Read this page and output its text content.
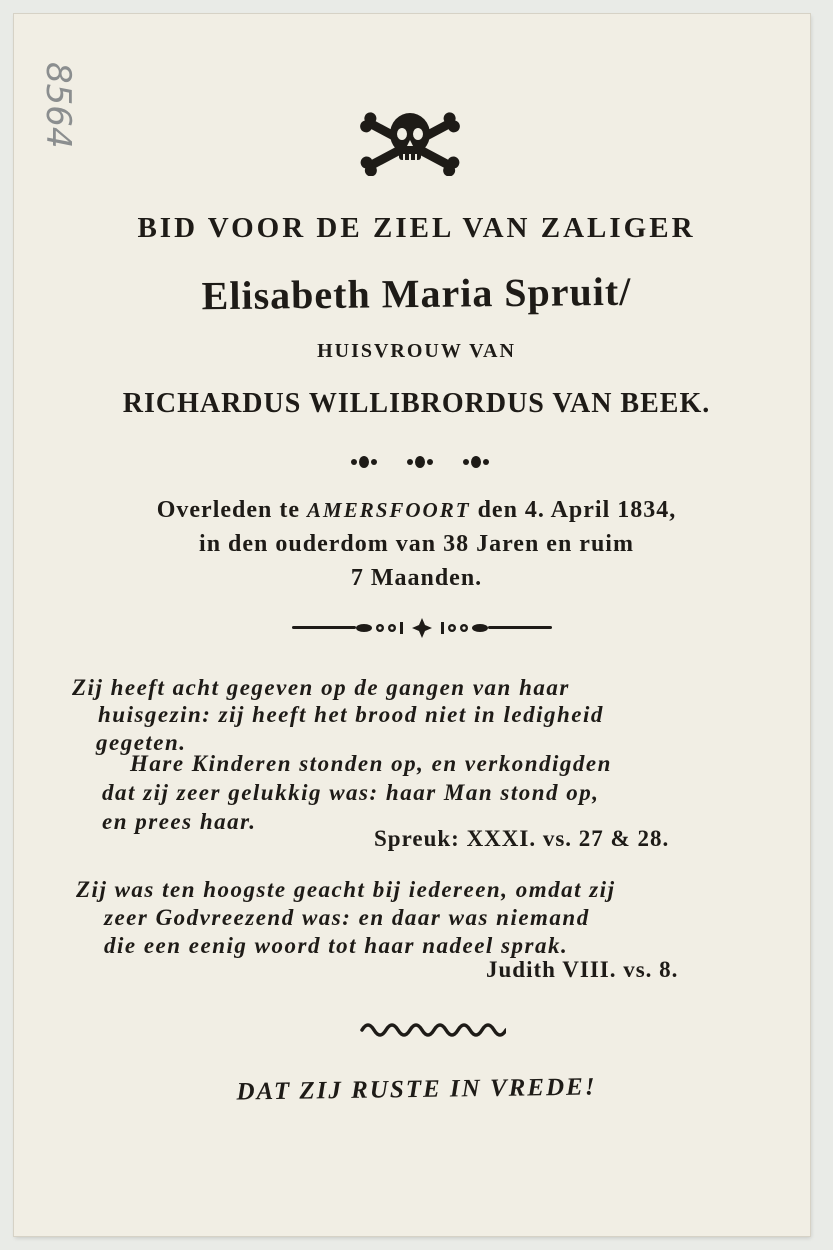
8564
BID VOOR DE ZIEL VAN ZALIGER
Elisabeth Maria Spruit/
HUISVROUW VAN
RICHARDUS WILLIBRORDUS VAN BEEK.
Overleden te AMERSFOORT den 4. April 1834,
in den ouderdom van 38 Jaren en ruim
7 Maanden.
Zij heeft acht gegeven op de gangen van haar
huisgezin: zij heeft het brood niet in ledigheid
gegeten.
Hare Kinderen stonden op, en verkondigden
dat zij zeer gelukkig was: haar Man stond op,
en prees haar.
Spreuk: XXXI. vs. 27 & 28.
Zij was ten hoogste geacht bij iedereen, omdat zij
zeer Godvreezend was: en daar was niemand
die een eenig woord tot haar nadeel sprak.
Judith VIII. vs. 8.
DAT ZIJ RUSTE IN VREDE!
